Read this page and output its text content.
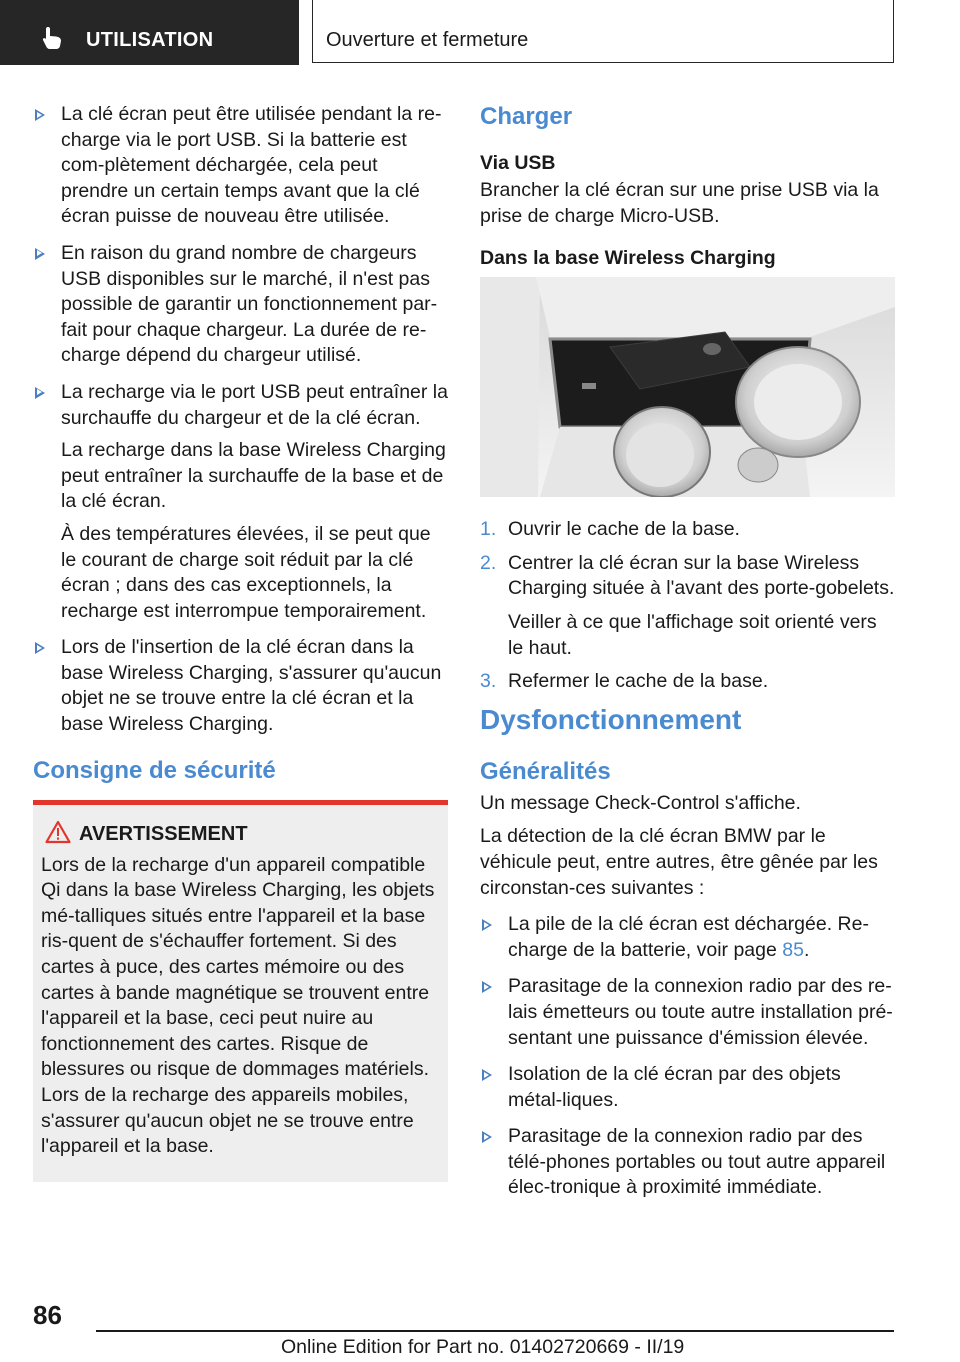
UTILISATION	Ouverture et fermeture
La clé écran peut être utilisée pendant la re-charge via le port USB. Si la batterie est com-plètement déchargée, cela peut prendre un certain temps avant que la clé écran puisse de nouveau être utilisée.
En raison du grand nombre de chargeurs USB disponibles sur le marché, il n'est pas possible de garantir un fonctionnement par-fait pour chaque chargeur. La durée de re-charge dépend du chargeur utilisé.
La recharge via le port USB peut entraîner la surchauffe du chargeur et de la clé écran.
La recharge dans la base Wireless Charging peut entraîner la surchauffe de la base et de la clé écran.
À des températures élevées, il se peut que le courant de charge soit réduit par la clé écran ; dans des cas exceptionnels, la recharge est interrompue temporairement.
Lors de l'insertion de la clé écran dans la base Wireless Charging, s'assurer qu'aucun objet ne se trouve entre la clé écran et la base Wireless Charging.
Consigne de sécurité
AVERTISSEMENT
Lors de la recharge d'un appareil compatible Qi dans la base Wireless Charging, les objets mé-talliques situés entre l'appareil et la base ris-quent de s'échauffer fortement. Si des cartes à puce, des cartes mémoire ou des cartes à bande magnétique se trouvent entre l'appareil et la base, ceci peut nuire au fonctionnement des cartes. Risque de blessures ou risque de dommages matériels. Lors de la recharge des appareils mobiles, s'assurer qu'aucun objet ne se trouve entre l'appareil et la base.
Charger
Via USB
Brancher la clé écran sur une prise USB via la prise de charge Micro-USB.
Dans la base Wireless Charging
1. Ouvrir le cache de la base.
2. Centrer la clé écran sur la base Wireless Charging située à l'avant des porte-gobelets.
Veiller à ce que l'affichage soit orienté vers le haut.
3. Refermer le cache de la base.
Dysfonctionnement
Généralités
Un message Check-Control s'affiche.
La détection de la clé écran BMW par le véhicule peut, entre autres, être gênée par les circonstan-ces suivantes :
La pile de la clé écran est déchargée. Re-charge de la batterie, voir page 85.
Parasitage de la connexion radio par des re-lais émetteurs ou toute autre installation pré-sentant une puissance d'émission élevée.
Isolation de la clé écran par des objets métal-liques.
Parasitage de la connexion radio par des télé-phones portables ou tout autre appareil élec-tronique à proximité immédiate.
86
Online Edition for Part no. 01402720669 - II/19
